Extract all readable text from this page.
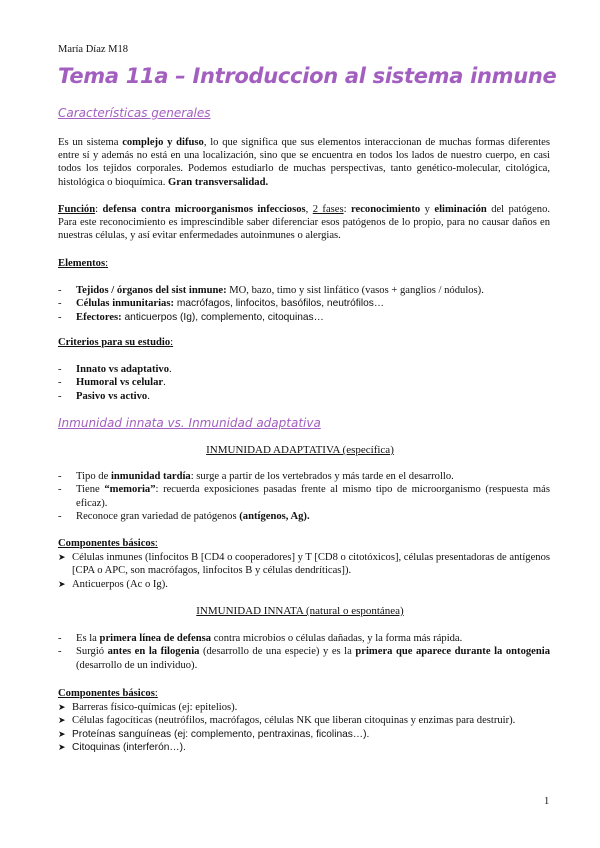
María Díaz M18
Tema 11a – Introduccion al sistema inmune
Características generales
Es un sistema complejo y difuso, lo que significa que sus elementos interaccionan de muchas formas diferentes entre sí y además no está en una localización, sino que se encuentra en todos los lados de nuestro cuerpo, en casi todos los tejidos corporales. Podemos estudiarlo de muchas perspectivas, tanto genético-molecular, citológica, histológica o bioquímica. Gran transversalidad.
Función: defensa contra microorganismos infecciosos, 2 fases: reconocimiento y eliminación del patógeno. Para este reconocimiento es imprescindible saber diferenciar esos patógenos de lo propio, para no causar daños en nuestras células, y así evitar enfermedades autoinmunes o alergias.
Elementos:
- Tejidos / órganos del sist inmune: MO, bazo, timo y sist linfático (vasos + ganglios / nódulos).
- Células inmunitarias: macrófagos, linfocitos, basófilos, neutrófilos…
- Efectores: anticuerpos (Ig), complemento, citoquinas…
Criterios para su estudio:
- Innato vs adaptativo.
- Humoral vs celular.
- Pasivo vs activo.
Inmunidad innata vs. Inmunidad adaptativa
INMUNIDAD ADAPTATIVA (específica)
- Tipo de inmunidad tardía: surge a partir de los vertebrados y más tarde en el desarrollo.
- Tiene “memoria”: recuerda exposiciones pasadas frente al mismo tipo de microorganismo (respuesta más eficaz).
- Reconoce gran variedad de patógenos (antígenos, Ag).
Componentes básicos:
➤ Células inmunes (linfocitos B [CD4 o cooperadores] y T [CD8 o citotóxicos], células presentadoras de antígenos [CPA o APC, son macrófagos, linfocitos B y células dendríticas]).
➤ Anticuerpos (Ac o Ig).
INMUNIDAD INNATA (natural o espontánea)
- Es la primera línea de defensa contra microbios o células dañadas, y la forma más rápida.
- Surgió antes en la filogenia (desarrollo de una especie) y es la primera que aparece durante la ontogenia (desarrollo de un individuo).
Componentes básicos:
➤ Barreras físico-químicas (ej: epitelios).
➤ Células fagocíticas (neutrófilos, macrófagos, células NK que liberan citoquinas y enzimas para destruir).
➤ Proteínas sanguíneas (ej: complemento, pentraxinas, ficolinas…).
➤ Citoquinas (interferón…).
1
